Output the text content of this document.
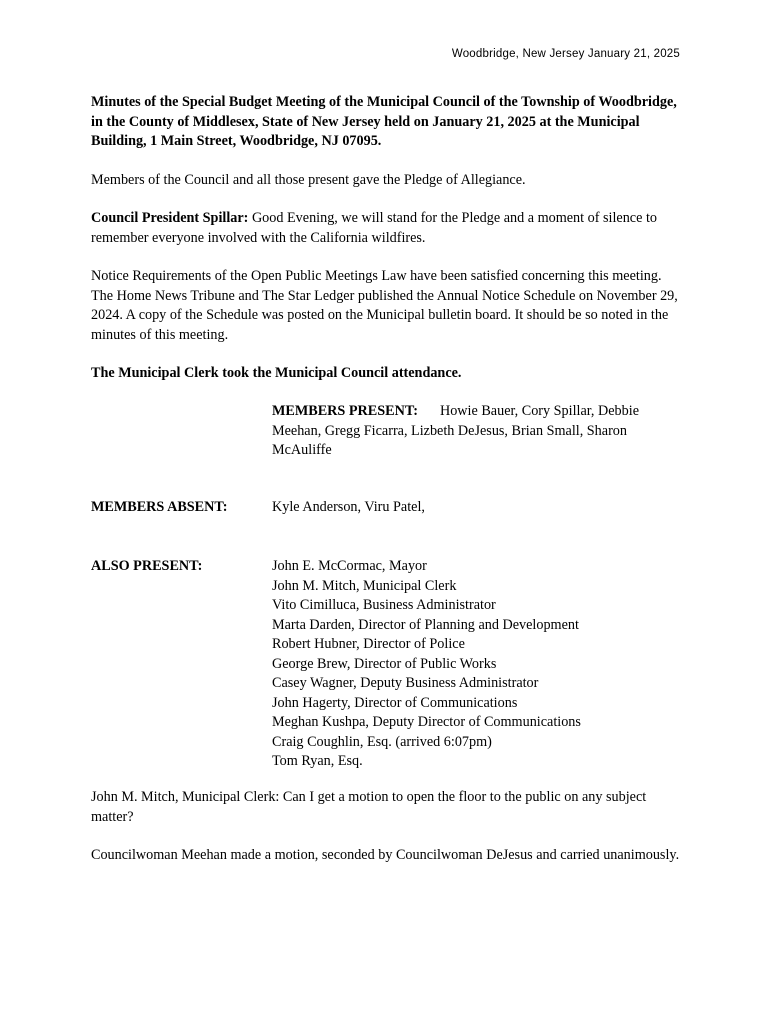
Woodbridge, New Jersey January 21, 2025
Minutes of the Special Budget Meeting of the Municipal Council of the Township of Woodbridge, in the County of Middlesex, State of New Jersey held on January 21, 2025 at the Municipal Building, 1 Main Street, Woodbridge, NJ 07095.
Members of the Council and all those present gave the Pledge of Allegiance.
Council President Spillar: Good Evening, we will stand for the Pledge and a moment of silence to remember everyone involved with the California wildfires.
Notice Requirements of the Open Public Meetings Law have been satisfied concerning this meeting. The Home News Tribune and The Star Ledger published the Annual Notice Schedule on November 29, 2024. A copy of the Schedule was posted on the Municipal bulletin board. It should be so noted in the minutes of this meeting.
The Municipal Clerk took the Municipal Council attendance.
MEMBERS PRESENT: Howie Bauer, Cory Spillar, Debbie Meehan, Gregg Ficarra, Lizbeth DeJesus, Brian Small, Sharon McAuliffe
MEMBERS ABSENT:	Kyle Anderson, Viru Patel,
ALSO PRESENT:	John E. McCormac, Mayor
John M. Mitch, Municipal Clerk
Vito Cimilluca, Business Administrator
Marta Darden, Director of Planning and Development
Robert Hubner, Director of Police
George Brew, Director of Public Works
Casey Wagner, Deputy Business Administrator
John Hagerty, Director of Communications
Meghan Kushpa, Deputy Director of Communications
Craig Coughlin, Esq. (arrived 6:07pm)
Tom Ryan, Esq.
John M. Mitch, Municipal Clerk: Can I get a motion to open the floor to the public on any subject matter?
Councilwoman Meehan made a motion, seconded by Councilwoman DeJesus and carried unanimously.
